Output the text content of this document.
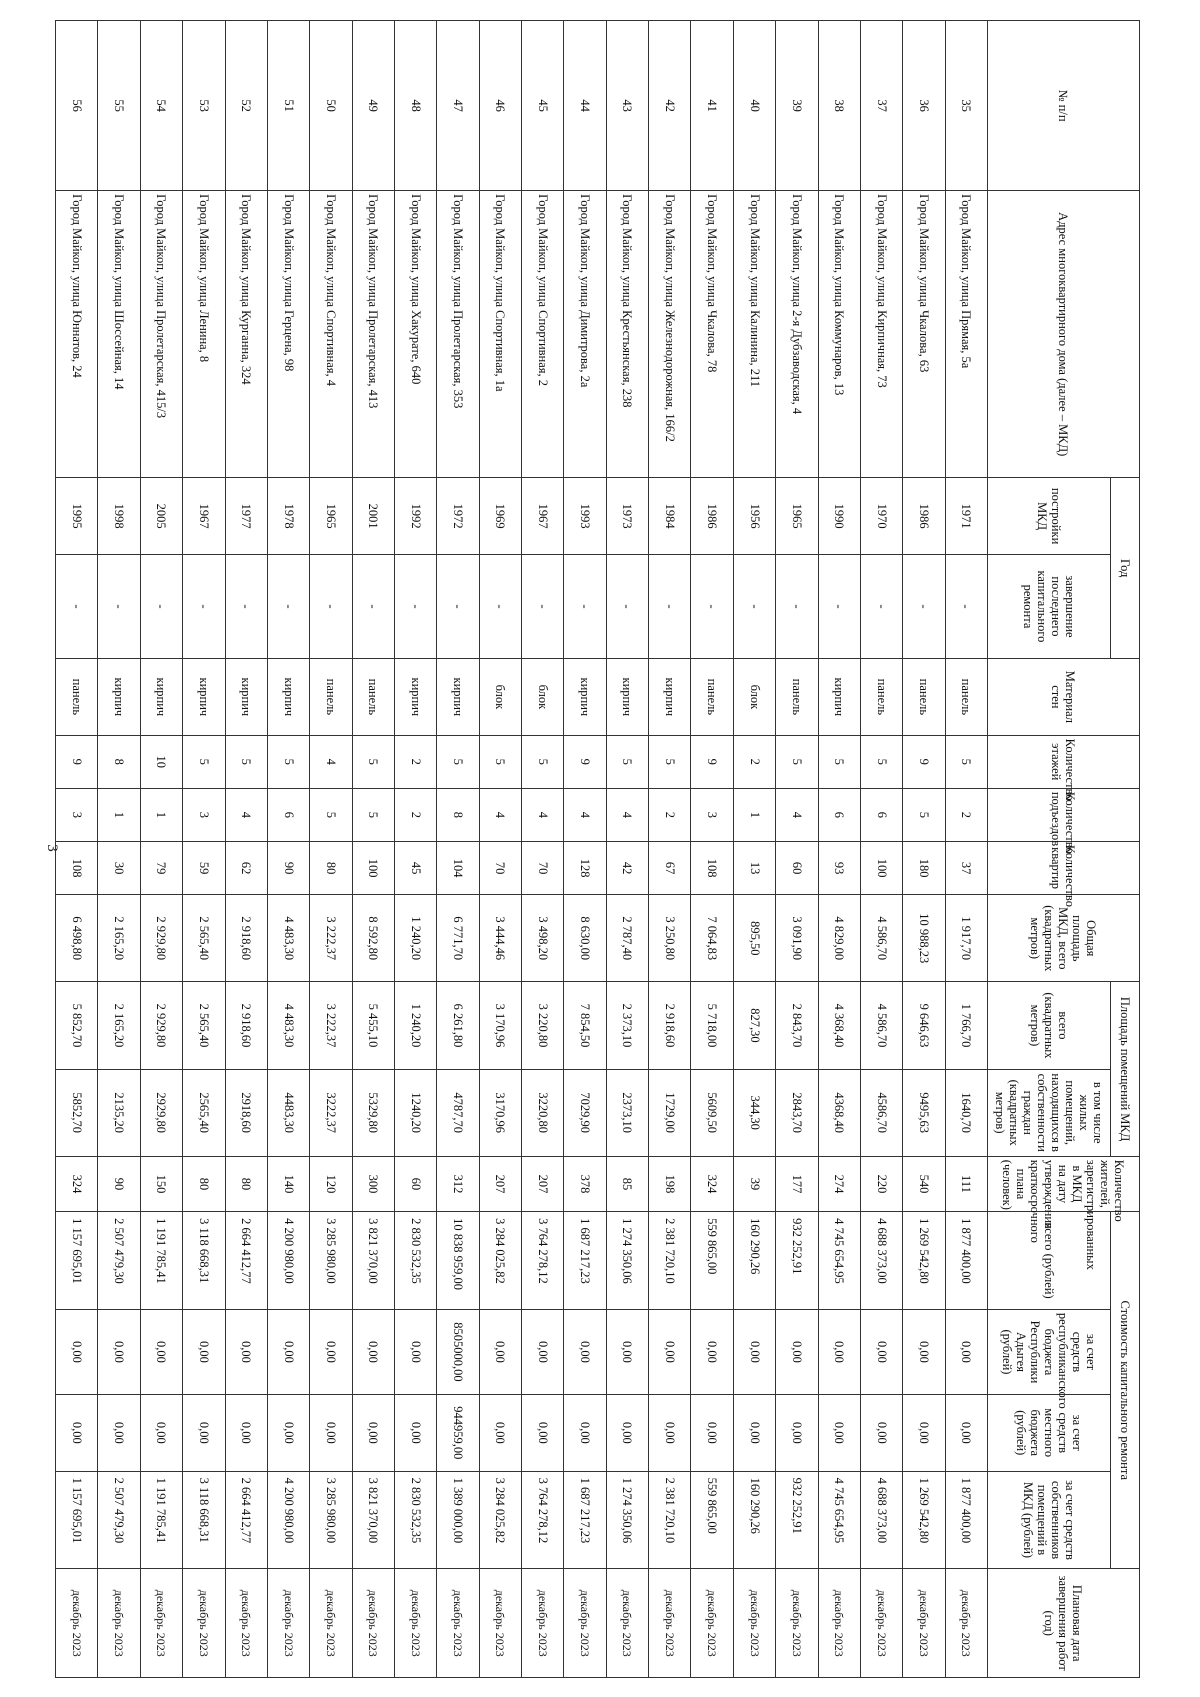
3
№ п/п	Адрес многоквартирного дома (далее – МКД)	Год		Материал стен	Количество этажей	Количество подъездов	Количество квартир	Общая площадь МКД, всего (квадратных метров)	Площадь помещений МКД		Количество жителей, зарегистрированных в МКД на дату утверждения краткосрочного плана (человек)	Стоимость капитального ремонта				Плановая дата завершения работ (год)
		постройки МКД	завершение последнего капитального ремонта						всего (квадратных метров)	в том числе жилых помещений, находящихся в собственности граждан (квадратных метров)		всего (рублей)	за счет средств республиканского бюджета Республики Адыгея (рублей)	за счет средств местного бюджета (рублей)	за счет средств собственников помещений в МКД (рублей)	
35	Город Майкоп, улица Прямая, 5а	1971	-	панель	5	2	37	1 917,70	1 766,70	1640,70	111	1 877 400,00	0,00	0,00	1 877 400,00	декабрь 2023
36	Город Майкоп, улица Чкалова, 63	1986	-	панель	9	5	180	10 988,23	9 646,63	9495,63	540	1 269 542,80	0,00	0,00	1 269 542,80	декабрь 2023
37	Город Майкоп, улица Кирпичная, 73	1970	-	панель	5	6	100	4 586,70	4 586,70	4586,70	220	4 688 373,00	0,00	0,00	4 688 373,00	декабрь 2023
38	Город Майкоп, улица Коммунаров, 13	1990	-	кирпич	5	6	93	4 829,00	4 368,40	4368,40	274	4 745 654,95	0,00	0,00	4 745 654,95	декабрь 2023
39	Город Майкоп, улица 2-я Дубзаводская, 4	1965	-	панель	5	4	60	3 091,90	2 843,70	2843,70	177	932 252,91	0,00	0,00	932 252,91	декабрь 2023
40	Город Майкоп, улица Калинина, 211	1956	-	блок	2	1	13	895,50	827,30	344,30	39	160 290,26	0,00	0,00	160 290,26	декабрь 2023
41	Город Майкоп, улица Чкалова, 78	1986	-	панель	9	3	108	7 064,83	5 718,00	5609,50	324	559 865,00	0,00	0,00	559 865,00	декабрь 2023
42	Город Майкоп, улица Железнодорожная, 166/2	1984	-	кирпич	5	2	67	3 250,80	2 918,60	1729,00	198	2 381 720,10	0,00	0,00	2 381 720,10	декабрь 2023
43	Город Майкоп, улица Крестьянская, 238	1973	-	кирпич	5	4	42	2 787,40	2 373,10	2373,10	85	1 274 350,06	0,00	0,00	1 274 350,06	декабрь 2023
44	Город Майкоп, улица Димитрова, 2а	1993	-	кирпич	9	4	128	8 630,00	7 854,50	7029,90	378	1 687 217,23	0,00	0,00	1 687 217,23	декабрь 2023
45	Город Майкоп, улица Спортивная, 2	1967	-	блок	5	4	70	3 498,20	3 220,80	3220,80	207	3 764 278,12	0,00	0,00	3 764 278,12	декабрь 2023
46	Город Майкоп, улица Спортивная, 1а	1969	-	блок	5	4	70	3 444,46	3 170,96	3170,96	207	3 284 025,82	0,00	0,00	3 284 025,82	декабрь 2023
47	Город Майкоп, улица Пролетарская, 353	1972	-	кирпич	5	8	104	6 771,70	6 261,80	4787,70	312	10 838 959,00	8505000,00	944959,00	1 389 000,00	декабрь 2023
48	Город Майкоп, улица Хакурате, 640	1992	-	кирпич	2	2	45	1 240,20	1 240,20	1240,20	60	2 830 532,35	0,00	0,00	2 830 532,35	декабрь 2023
49	Город Майкоп, улица Пролетарская, 413	2001	-	панель	5	5	100	8 592,80	5 455,10	5329,80	300	3 821 370,00	0,00	0,00	3 821 370,00	декабрь 2023
50	Город Майкоп, улица Спортивная, 4	1965	-	панель	4	5	80	3 222,37	3 222,37	3222,37	120	3 285 980,00	0,00	0,00	3 285 980,00	декабрь 2023
51	Город Майкоп, улица Герцена, 98	1978	-	кирпич	5	6	90	4 483,30	4 483,30	4483,30	140	4 200 980,00	0,00	0,00	4 200 980,00	декабрь 2023
52	Город Майкоп, улица Курганна, 324	1977	-	кирпич	5	4	62	2 918,60	2 918,60	2918,60	80	2 664 412,77	0,00	0,00	2 664 412,77	декабрь 2023
53	Город Майкоп, улица Ленина, 8	1967	-	кирпич	5	3	59	2 565,40	2 565,40	2565,40	80	3 118 668,31	0,00	0,00	3 118 668,31	декабрь 2023
54	Город Майкоп, улица Пролетарская, 415/3	2005	-	кирпич	10	1	79	2 929,80	2 929,80	2929,80	150	1 191 785,41	0,00	0,00	1 191 785,41	декабрь 2023
55	Город Майкоп, улица Шоссейная, 14	1998	-	кирпич	8	1	30	2 165,20	2 165,20	2135,20	90	2 507 479,30	0,00	0,00	2 507 479,30	декабрь 2023
56	Город Майкоп, улица Юннатов, 24	1995	-	панель	9	3	108	6 498,80	5 852,70	5852,70	324	1 157 695,01	0,00	0,00	1 157 695,01	декабрь 2023
